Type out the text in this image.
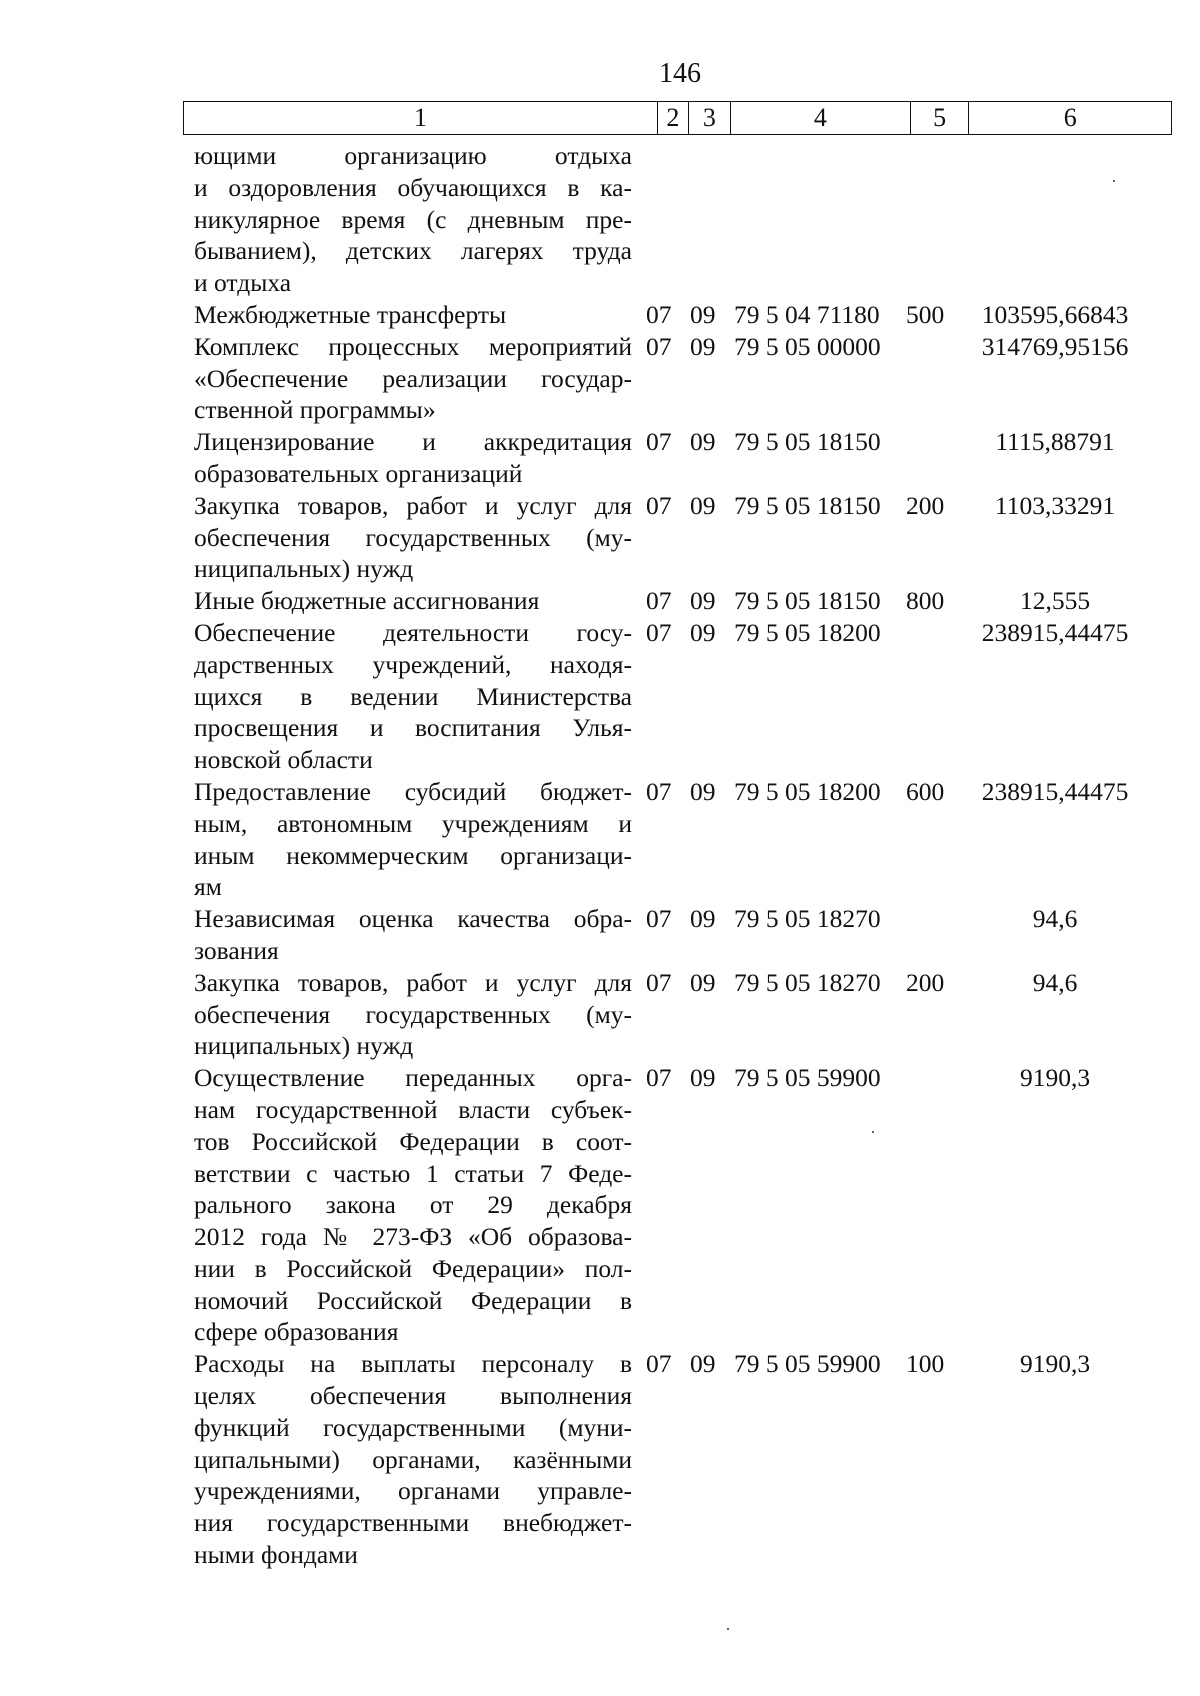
146
1	2	3	4	5	6
ющими организацию отдыха
и оздоровления обучающихся в ка-
никулярное время (с дневным пре-
быванием), детских лагерях труда
и отдыха
Межбюджетные трансферты	07 09 79 5 04 71180 500	103595,66843
Комплекс процессных мероприятий
«Обеспечение реализации государ-
ственной программы»
07 09 79 5 05 00000	314769,95156
Лицензирование и аккредитация
образовательных организаций
07 09 79 5 05 18150	1115,88791
Закупка товаров, работ и услуг для
обеспечения государственных (му-
ниципальных) нужд
07 09 79 5 05 18150 200	1103,33291
Иные бюджетные ассигнования	07 09 79 5 05 18150 800	12,555
Обеспечение деятельности госу-
дарственных учреждений, находя-
щихся в ведении Министерства
просвещения и воспитания Улья-
новской области
07 09 79 5 05 18200	238915,44475
Предоставление субсидий бюджет-
ным, автономным учреждениям и
иным некоммерческим организаци-
ям
07 09 79 5 05 18200 600	238915,44475
Независимая оценка качества обра-
зования
07 09 79 5 05 18270	94,6
Закупка товаров, работ и услуг для
обеспечения государственных (му-
ниципальных) нужд
07 09 79 5 05 18270 200	94,6
Осуществление переданных орга-
нам государственной власти субъек-
тов Российской Федерации в соот-
ветствии с частью 1 статьи 7 Феде-
рального закона от 29 декабря
2012 года № 273-ФЗ «Об образова-
нии в Российской Федерации» пол-
номочий Российской Федерации в
сфере образования
07 09 79 5 05 59900	9190,3
Расходы на выплаты персоналу в
целях обеспечения выполнения
функций государственными (муни-
ципальными) органами, казёнными
учреждениями, органами управле-
ния государственными внебюджет-
ными фондами
07 09 79 5 05 59900 100	9190,3
